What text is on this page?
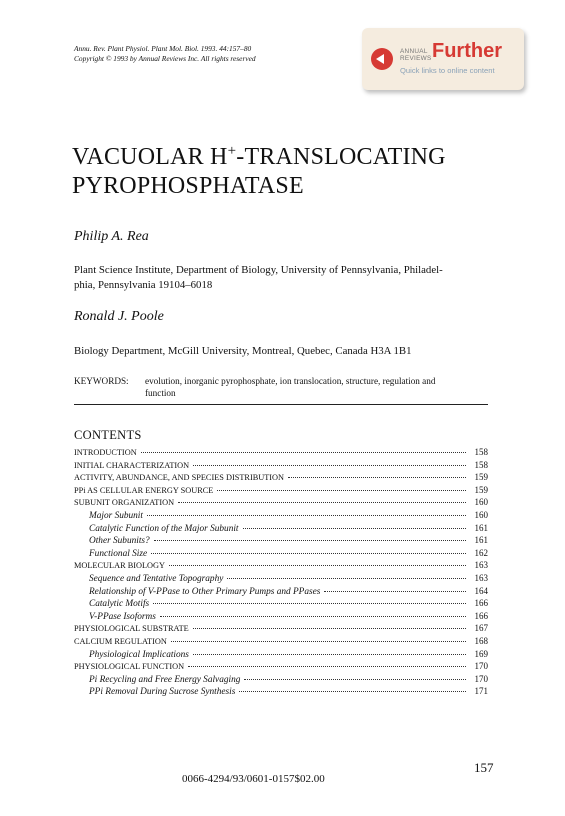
Annu. Rev. Plant Physiol. Plant Mol. Biol. 1993. 44:157–80
Copyright © 1993 by Annual Reviews Inc. All rights reserved
ANNUAL
REVIEWS Further
Quick links to online content
VACUOLAR H+-TRANSLOCATING
PYROPHOSPHATASE
Philip A. Rea
Plant Science Institute, Department of Biology, University of Pennsylvania, Philadel-
phia, Pennsylvania 19104–6018
Ronald J. Poole
Biology Department, McGill University, Montreal, Quebec, Canada H3A 1B1
KEYWORDS: evolution, inorganic pyrophosphate, ion translocation, structure, regulation and
function
CONTENTS
INTRODUCTION	158
INITIAL CHARACTERIZATION	158
ACTIVITY, ABUNDANCE, AND SPECIES DISTRIBUTION	159
PPi AS CELLULAR ENERGY SOURCE	159
SUBUNIT ORGANIZATION	160
Major Subunit	160
Catalytic Function of the Major Subunit	161
Other Subunits?	161
Functional Size	162
MOLECULAR BIOLOGY	163
Sequence and Tentative Topography	163
Relationship of V-PPase to Other Primary Pumps and PPases	164
Catalytic Motifs	166
V-PPase Isoforms	166
PHYSIOLOGICAL SUBSTRATE	167
CALCIUM REGULATION	168
Physiological Implications	169
PHYSIOLOGICAL FUNCTION	170
Pi Recycling and Free Energy Salvaging	170
PPi Removal During Sucrose Synthesis	171
157
0066-4294/93/0601-0157$02.00
